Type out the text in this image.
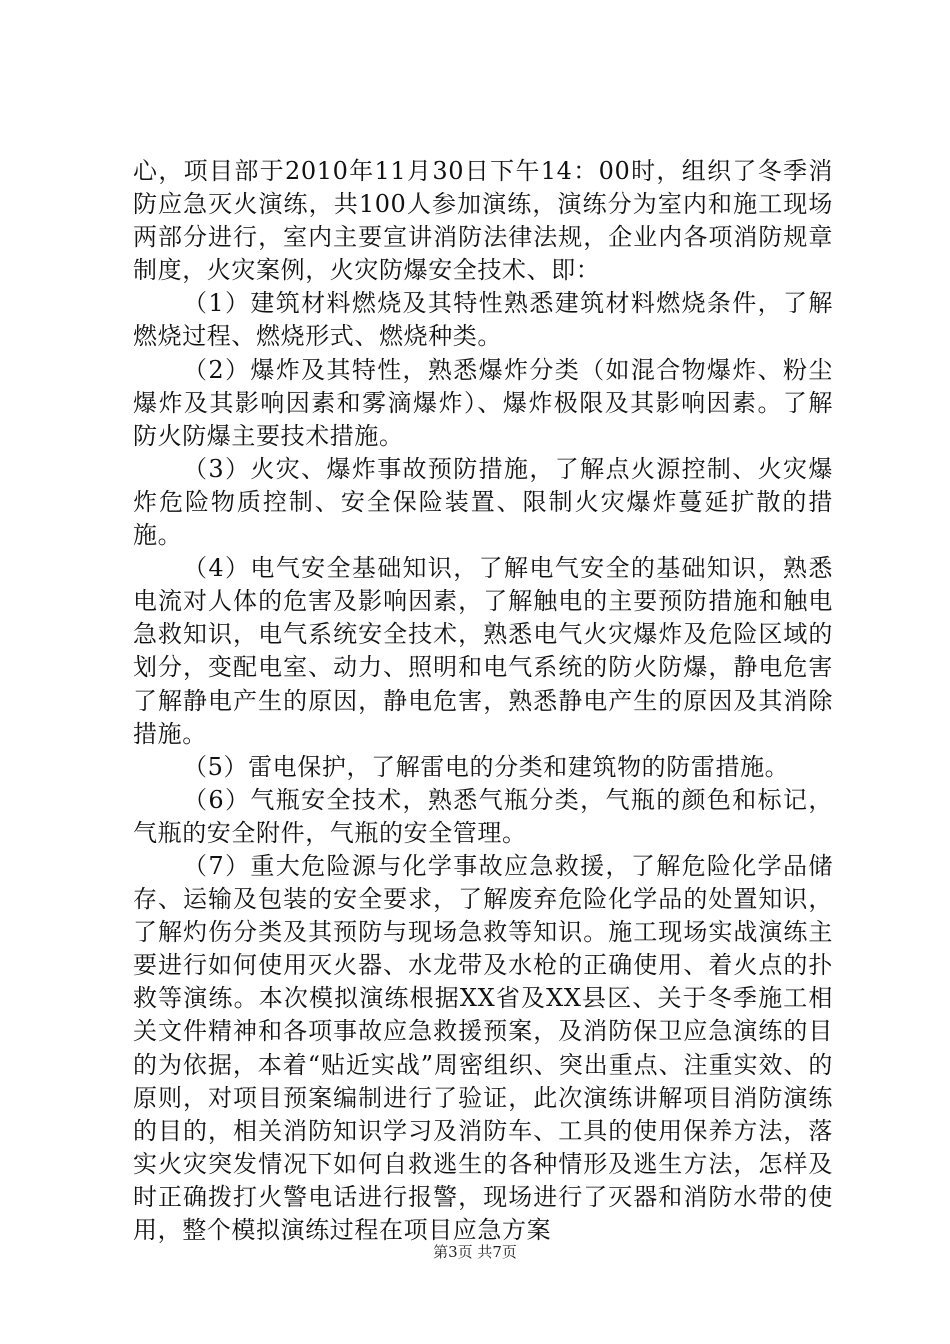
心，项目部于2010年11月30日下午14：00时，组织了冬季消防应急灭火演练，共100人参加演练，演练分为室内和施工现场两部分进行，室内主要宣讲消防法律法规，企业内各项消防规章制度，火灾案例，火灾防爆安全技术、即：

（1）建筑材料燃烧及其特性熟悉建筑材料燃烧条件，了解燃烧过程、燃烧形式、燃烧种类。

（2）爆炸及其特性，熟悉爆炸分类（如混合物爆炸、粉尘爆炸及其影响因素和雾滴爆炸）、爆炸极限及其影响因素。了解防火防爆主要技术措施。

（3）火灾、爆炸事故预防措施，了解点火源控制、火灾爆炸危险物质控制、安全保险装置、限制火灾爆炸蔓延扩散的措施。

（4）电气安全基础知识，了解电气安全的基础知识，熟悉电流对人体的危害及影响因素，了解触电的主要预防措施和触电急救知识，电气系统安全技术，熟悉电气火灾爆炸及危险区域的划分，变配电室、动力、照明和电气系统的防火防爆，静电危害了解静电产生的原因，静电危害，熟悉静电产生的原因及其消除措施。

（5）雷电保护，了解雷电的分类和建筑物的防雷措施。

（6）气瓶安全技术，熟悉气瓶分类，气瓶的颜色和标记，气瓶的安全附件，气瓶的安全管理。

（7）重大危险源与化学事故应急救援，了解危险化学品储存、运输及包装的安全要求，了解废弃危险化学品的处置知识，了解灼伤分类及其预防与现场急救等知识。施工现场实战演练主要进行如何使用灭火器、水龙带及水枪的正确使用、着火点的扑救等演练。本次模拟演练根据XX省及XX县区、关于冬季施工相关文件精神和各项事故应急救援预案，及消防保卫应急演练的目的为依据，本着“贴近实战”周密组织、突出重点、注重实效、的原则，对项目预案编制进行了验证，此次演练讲解项目消防演练的目的，相关消防知识学习及消防车、工具的使用保养方法，落实火灾突发情况下如何自救逃生的各种情形及逃生方法，怎样及时正确拨打火警电话进行报警，现场进行了灭器和消防水带的使用，整个模拟演练过程在项目应急方案

第3页 共7页
